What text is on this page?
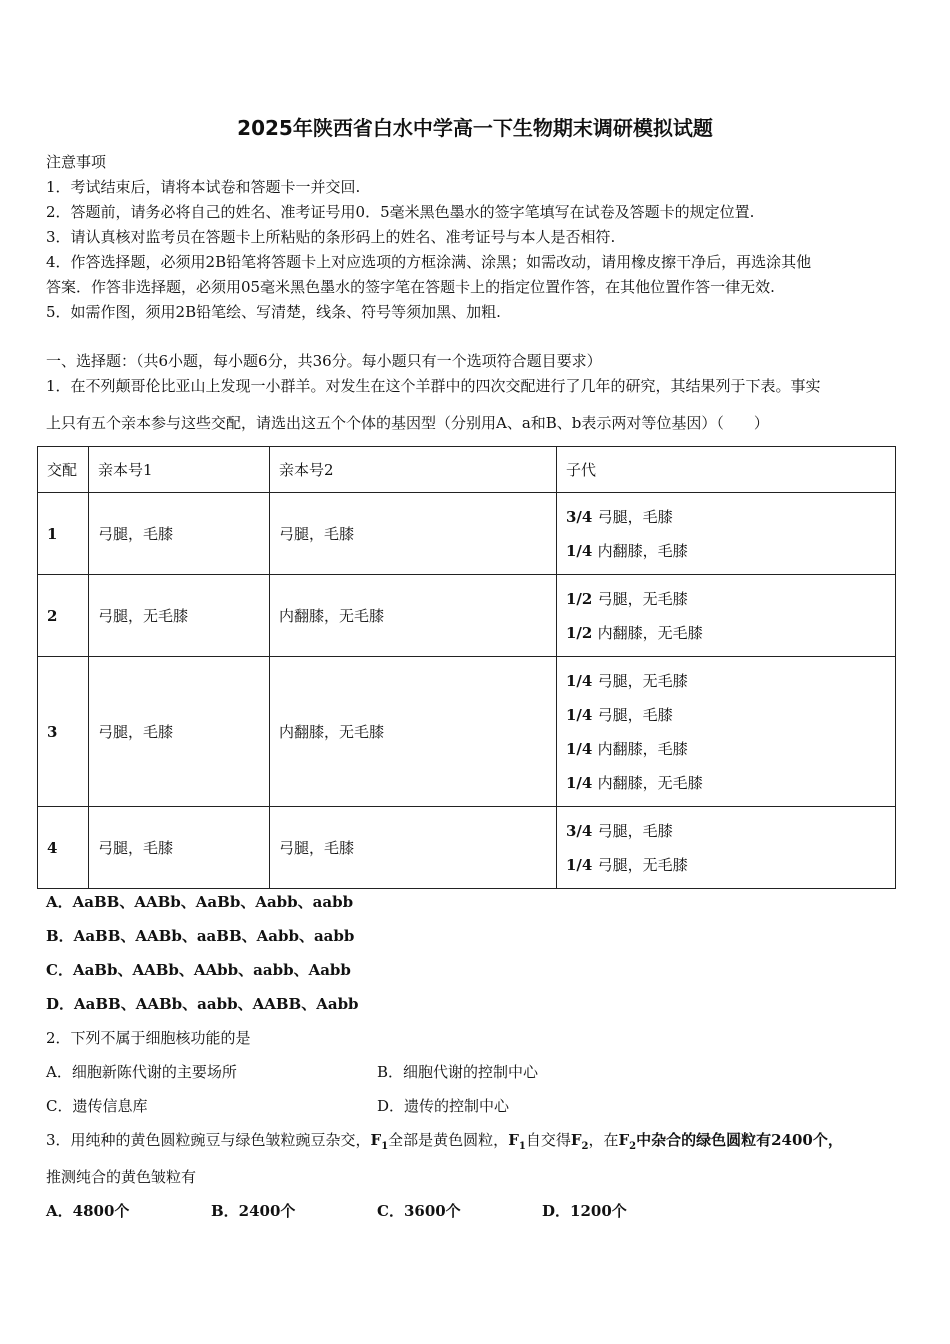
2025年陕西省白水中学高一下生物期末调研模拟试题
注意事项
1．考试结束后，请将本试卷和答题卡一并交回.
2．答题前，请务必将自己的姓名、准考证号用0．5毫米黑色墨水的签字笔填写在试卷及答题卡的规定位置.
3．请认真核对监考员在答题卡上所粘贴的条形码上的姓名、准考证号与本人是否相符.
4．作答选择题，必须用2B铅笔将答题卡上对应选项的方框涂满、涂黑；如需改动，请用橡皮擦干净后，再选涂其他
答案．作答非选择题，必须用05毫米黑色墨水的签字笔在答题卡上的指定位置作答，在其他位置作答一律无效.
5．如需作图，须用2B铅笔绘、写清楚，线条、符号等须加黑、加粗.
一、选择题：（共6小题，每小题6分，共36分。每小题只有一个选项符合题目要求）
1．在不列颠哥伦比亚山上发现一小群羊。对发生在这个羊群中的四次交配进行了几年的研究，其结果列于下表。事实
上只有五个亲本参与这些交配，请选出这五个个体的基因型（分别用A、a和B、b表示两对等位基因）（　　）
交配	亲本号1	亲本号2	子代
1	弓腿，毛膝	弓腿，毛膝	3/4 弓腿，毛膝
1/4 内翻膝，毛膝

2	弓腿，无毛膝	内翻膝，无毛膝	1/2 弓腿，无毛膝
1/2 内翻膝，无毛膝

3	弓腿，毛膝	内翻膝，无毛膝	1/4 弓腿，无毛膝
1/4 弓腿，毛膝
1/4 内翻膝，毛膝
1/4 内翻膝，无毛膝

4	弓腿，毛膝	弓腿，毛膝	3/4 弓腿，毛膝
1/4 弓腿，无毛膝
A．AaBB、AABb、AaBb、Aabb、aabb
B．AaBB、AABb、aaBB、Aabb、aabb
C．AaBb、AABb、AAbb、aabb、Aabb
D．AaBB、AABb、aabb、AABB、Aabb
2．下列不属于细胞核功能的是
A．细胞新陈代谢的主要场所	B．细胞代谢的控制中心
C．遗传信息库	D．遗传的控制中心
3．用纯种的黄色圆粒豌豆与绿色皱粒豌豆杂交，$F_1$全部是黄色圆粒，$F_1$自交得$F_2$，在$F_2$中杂合的绿色圆粒有2400个，
推测纯合的黄色皱粒有
A．4800个	B．2400个	C．3600个	D．1200个
